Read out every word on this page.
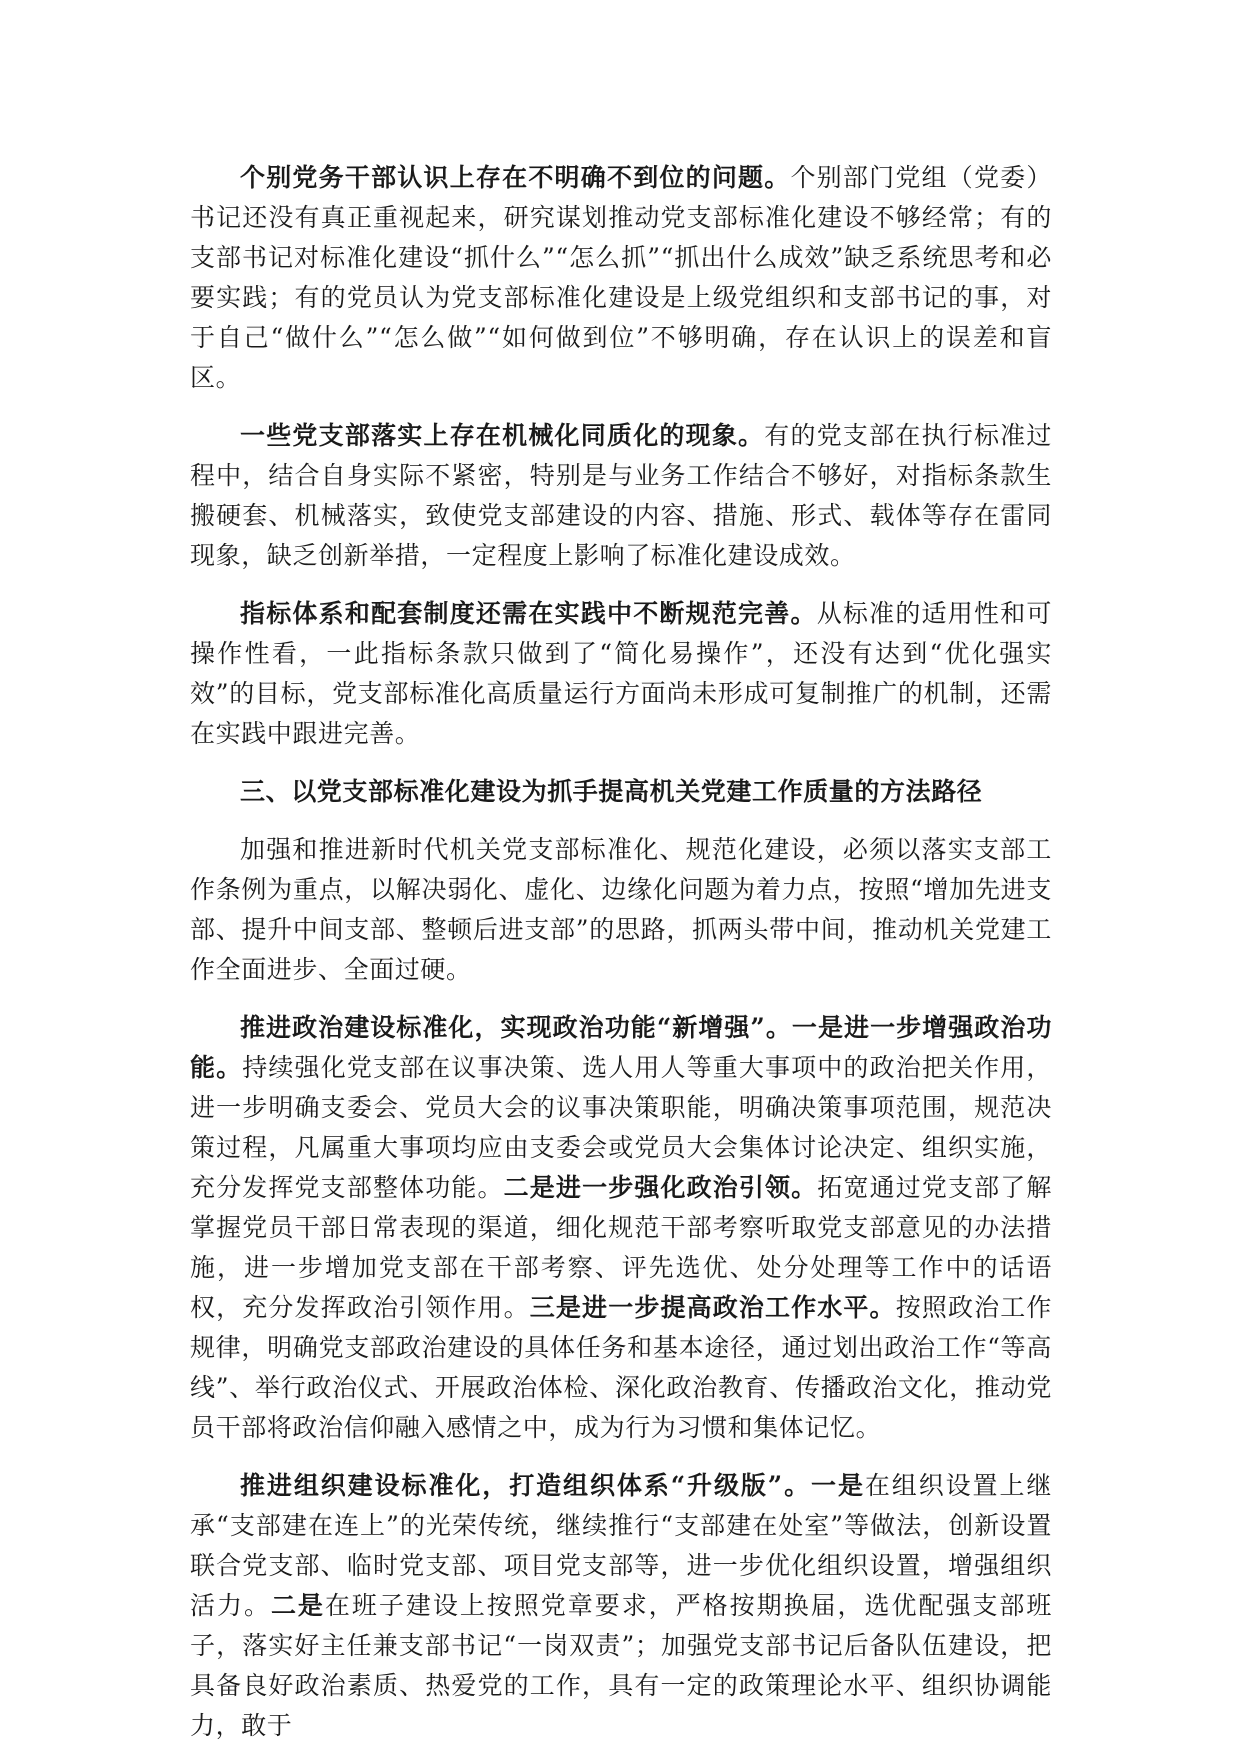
个别党务干部认识上存在不明确不到位的问题。个别部门党组（党委）书记还没有真正重视起来，研究谋划推动党支部标准化建设不够经常；有的支部书记对标准化建设“抓什么”“怎么抓”“抓出什么成效”缺乏系统思考和必要实践；有的党员认为党支部标准化建设是上级党组织和支部书记的事，对于自己“做什么”“怎么做”“如何做到位”不够明确，存在认识上的误差和盲区。

一些党支部落实上存在机械化同质化的现象。有的党支部在执行标准过程中，结合自身实际不紧密，特别是与业务工作结合不够好，对指标条款生搬硬套、机械落实，致使党支部建设的内容、措施、形式、载体等存在雷同现象，缺乏创新举措，一定程度上影响了标准化建设成效。

指标体系和配套制度还需在实践中不断规范完善。从标准的适用性和可操作性看，一此指标条款只做到了“简化易操作”，还没有达到“优化强实效”的目标，党支部标准化高质量运行方面尚未形成可复制推广的机制，还需在实践中跟进完善。

三、以党支部标准化建设为抓手提高机关党建工作质量的方法路径

加强和推进新时代机关党支部标准化、规范化建设，必须以落实支部工作条例为重点，以解决弱化、虚化、边缘化问题为着力点，按照“增加先进支部、提升中间支部、整顿后进支部”的思路，抓两头带中间，推动机关党建工作全面进步、全面过硬。

推进政治建设标准化，实现政治功能“新增强”。一是进一步增强政治功能。持续强化党支部在议事决策、选人用人等重大事项中的政治把关作用，进一步明确支委会、党员大会的议事决策职能，明确决策事项范围，规范决策过程，凡属重大事项均应由支委会或党员大会集体讨论决定、组织实施，充分发挥党支部整体功能。二是进一步强化政治引领。拓宽通过党支部了解掌握党员干部日常表现的渠道，细化规范干部考察听取党支部意见的办法措施，进一步增加党支部在干部考察、评先选优、处分处理等工作中的话语权，充分发挥政治引领作用。三是进一步提高政治工作水平。按照政治工作规律，明确党支部政治建设的具体任务和基本途径，通过划出政治工作“等高线”、举行政治仪式、开展政治体检、深化政治教育、传播政治文化，推动党员干部将政治信仰融入感情之中，成为行为习惯和集体记忆。

推进组织建设标准化，打造组织体系“升级版”。一是在组织设置上继承“支部建在连上”的光荣传统，继续推行“支部建在处室”等做法，创新设置联合党支部、临时党支部、项目党支部等，进一步优化组织设置，增强组织活力。二是在班子建设上按照党章要求，严格按期换届，选优配强支部班子，落实好主任兼支部书记“一岗双责”；加强党支部书记后备队伍建设，把具备良好政治素质、热爱党的工作，具有一定的政策理论水平、组织协调能力，敢于
